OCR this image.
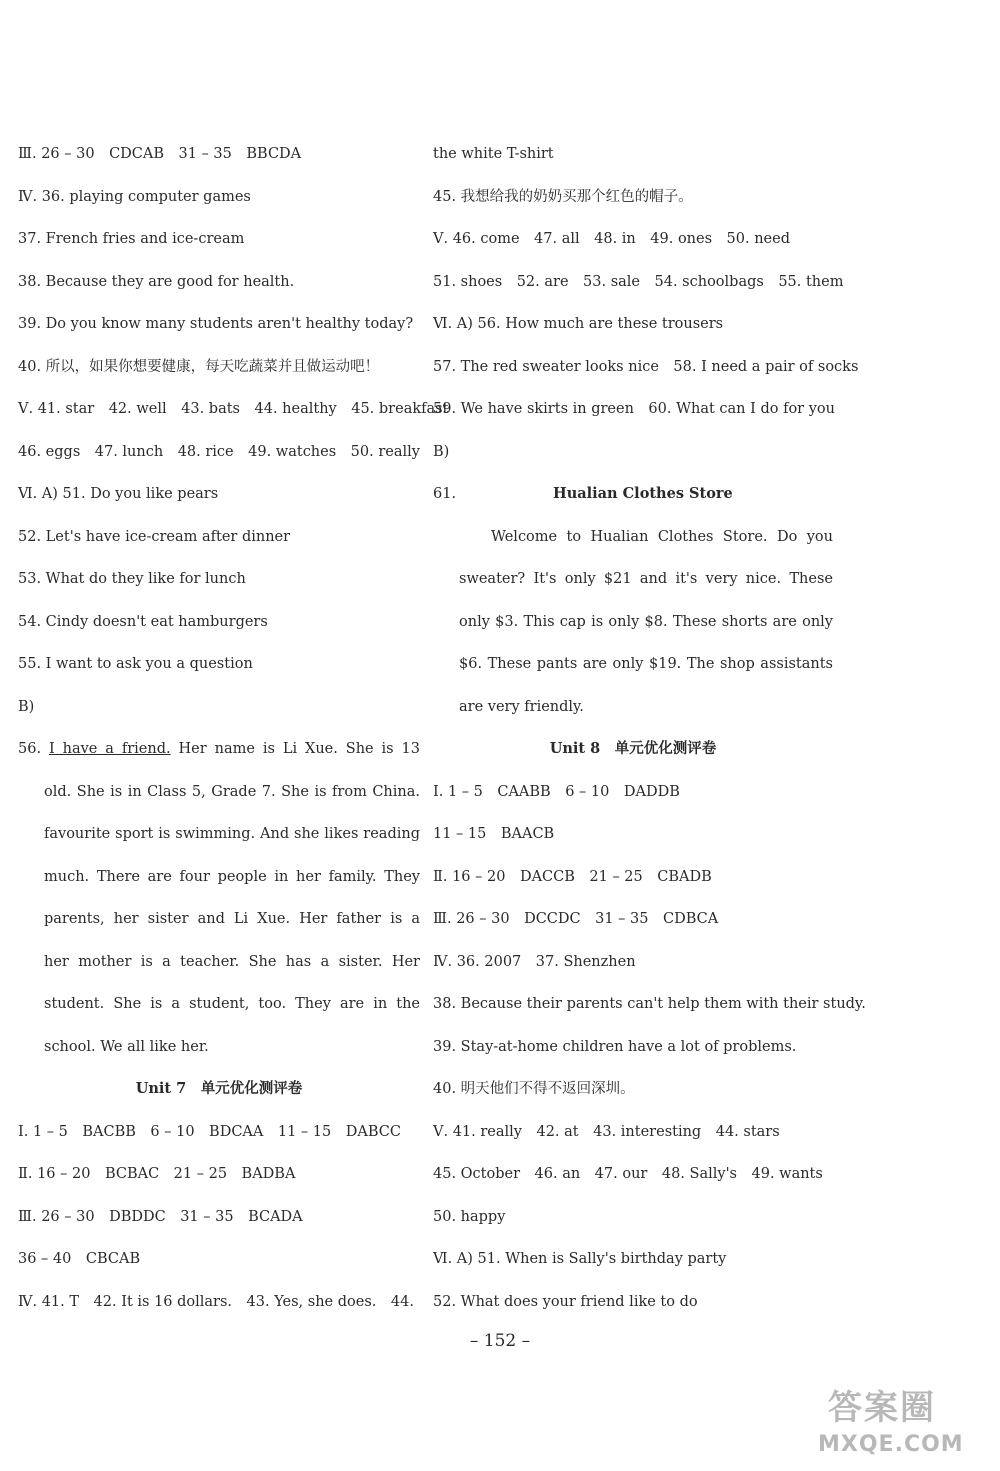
Ⅲ. 26 – 30　CDCAB　31 – 35　BBCDA
Ⅳ. 36. playing computer games
37. French fries and ice-cream
38. Because they are good for health.
39. Do you know many students aren't healthy today?
40. 所以，如果你想要健康，每天吃蔬菜并且做运动吧！
Ⅴ. 41. star　42. well　43. bats　44. healthy　45. breakfast
46. eggs　47. lunch　48. rice　49. watches　50. really
Ⅵ. A) 51. Do you like pears
52. Let's have ice-cream after dinner
53. What do they like for lunch
54. Cindy doesn't eat hamburgers
55. I want to ask you a question
B)
56. I have a friend. Her name is Li Xue. She is 13
old. She is in Class 5, Grade 7. She is from China.
favourite sport is swimming. And she likes reading
much. There are four people in her family. They
parents, her sister and Li Xue. Her father is a
her mother is a teacher. She has a sister. Her
student. She is a student, too. They are in the
school. We all like her.
Unit 7　单元优化测评卷
Ⅰ. 1 – 5　BACBB　6 – 10　BDCAA　11 – 15　DABCC
Ⅱ. 16 – 20　BCBAC　21 – 25　BADBA
Ⅲ. 26 – 30　DBDDC　31 – 35　BCADA
36 – 40　CBCAB
Ⅳ. 41. T　42. It is 16 dollars.　43. Yes, she does.　44.
the white T-shirt
45. 我想给我的奶奶买那个红色的帽子。
Ⅴ. 46. come　47. all　48. in　49. ones　50. need
51. shoes　52. are　53. sale　54. schoolbags　55. them
Ⅵ. A) 56. How much are these trousers
57. The red sweater looks nice　58. I need a pair of socks
59. We have skirts in green　60. What can I do for you
B)
61.	Hualian Clothes Store
Welcome to Hualian Clothes Store. Do you
sweater? It's only $21 and it's very nice. These
only $3. This cap is only $8. These shorts are only
$6. These pants are only $19. The shop assistants
are very friendly.
Unit 8　单元优化测评卷
Ⅰ. 1 – 5　CAABB　6 – 10　DADDB
11 – 15　BAACB
Ⅱ. 16 – 20　DACCB　21 – 25　CBADB
Ⅲ. 26 – 30　DCCDC　31 – 35　CDBCA
Ⅳ. 36. 2007　37. Shenzhen
38. Because their parents can't help them with their study.
39. Stay-at-home children have a lot of problems.
40. 明天他们不得不返回深圳。
Ⅴ. 41. really　42. at　43. interesting　44. stars
45. October　46. an　47. our　48. Sally's　49. wants
50. happy
Ⅵ. A) 51. When is Sally's birthday party
52. What does your friend like to do
– 152 –
答案圈
MXQE.COM
